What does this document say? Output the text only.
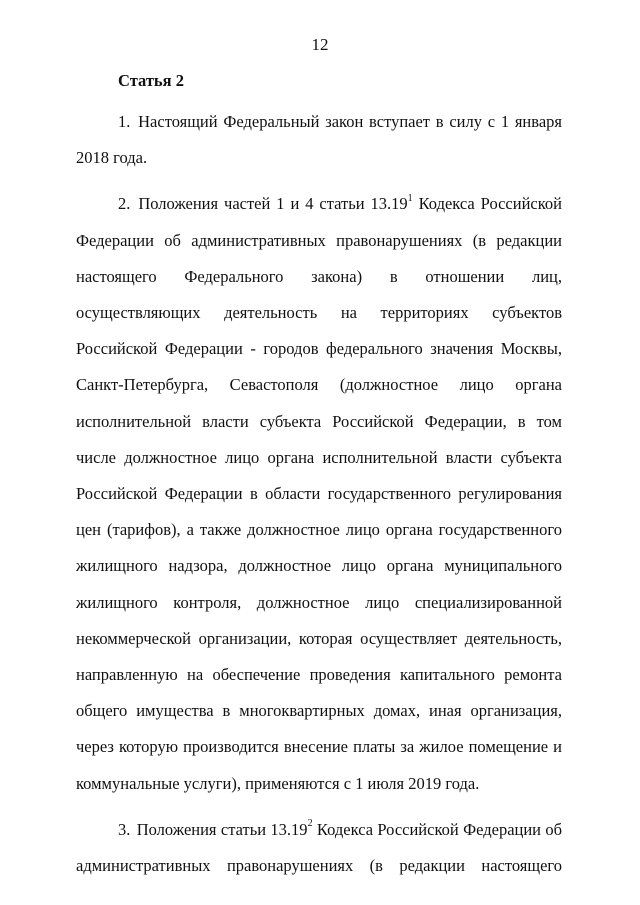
12

Статья 2

1. Настоящий Федеральный закон вступает в силу с 1 января 2018 года.

2. Положения частей 1 и 4 статьи 13.19$^1$ Кодекса Российской Федерации об административных правонарушениях (в редакции настоящего Федерального закона) в отношении лиц, осуществляющих деятельность на территориях субъектов Российской Федерации - городов федерального значения Москвы, Санкт-Петербурга, Севастополя (должностное лицо органа исполнительной власти субъекта Российской Федерации, в том числе должностное лицо органа исполнительной власти субъекта Российской Федерации в области государственного регулирования цен (тарифов), а также должностное лицо органа государственного жилищного надзора, должностное лицо органа муниципального жилищного контроля, должностное лицо специализированной некоммерческой организации, которая осуществляет деятельность, направленную на обеспечение проведения капитального ремонта общего имущества в многоквартирных домах, иная организация, через которую производится внесение платы за жилое помещение и коммунальные услуги), применяются с 1 июля 2019 года.

3. Положения статьи 13.19$^2$ Кодекса Российской Федерации об административных правонарушениях (в редакции настоящего
